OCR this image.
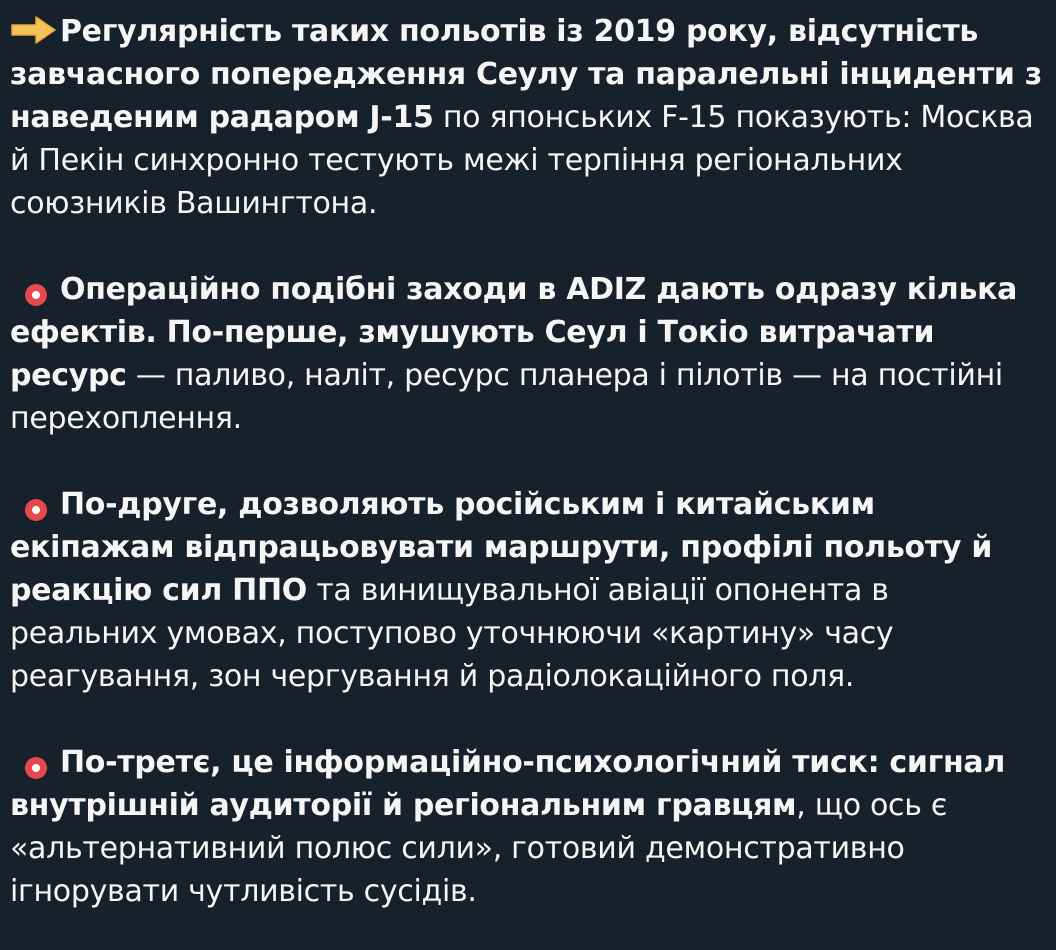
Регулярність таких польотів із 2019 року, відсутність завчасного попередження Сеулу та паралельні інциденти з наведеним радаром J-15 по японських F-15 показують: Москва й Пекін синхронно тестують межі терпіння регіональних союзників Вашингтона.

Операційно подібні заходи в ADIZ дають одразу кілька ефектів. По-перше, змушують Сеул і Токіо витрачати ресурс — паливо, наліт, ресурс планера і пілотів — на постійні перехоплення.

По-друге, дозволяють російським і китайським екіпажам відпрацьовувати маршрути, профілі польоту й реакцію сил ППО та винищувальної авіації опонента в реальних умовах, поступово уточнюючи «картину» часу реагування, зон чергування й радіолокаційного поля.

По-третє, це інформаційно-психологічний тиск: сигнал внутрішній аудиторії й регіональним гравцям, що ось є «альтернативний полюс сили», готовий демонстративно ігнорувати чутливість сусідів.
